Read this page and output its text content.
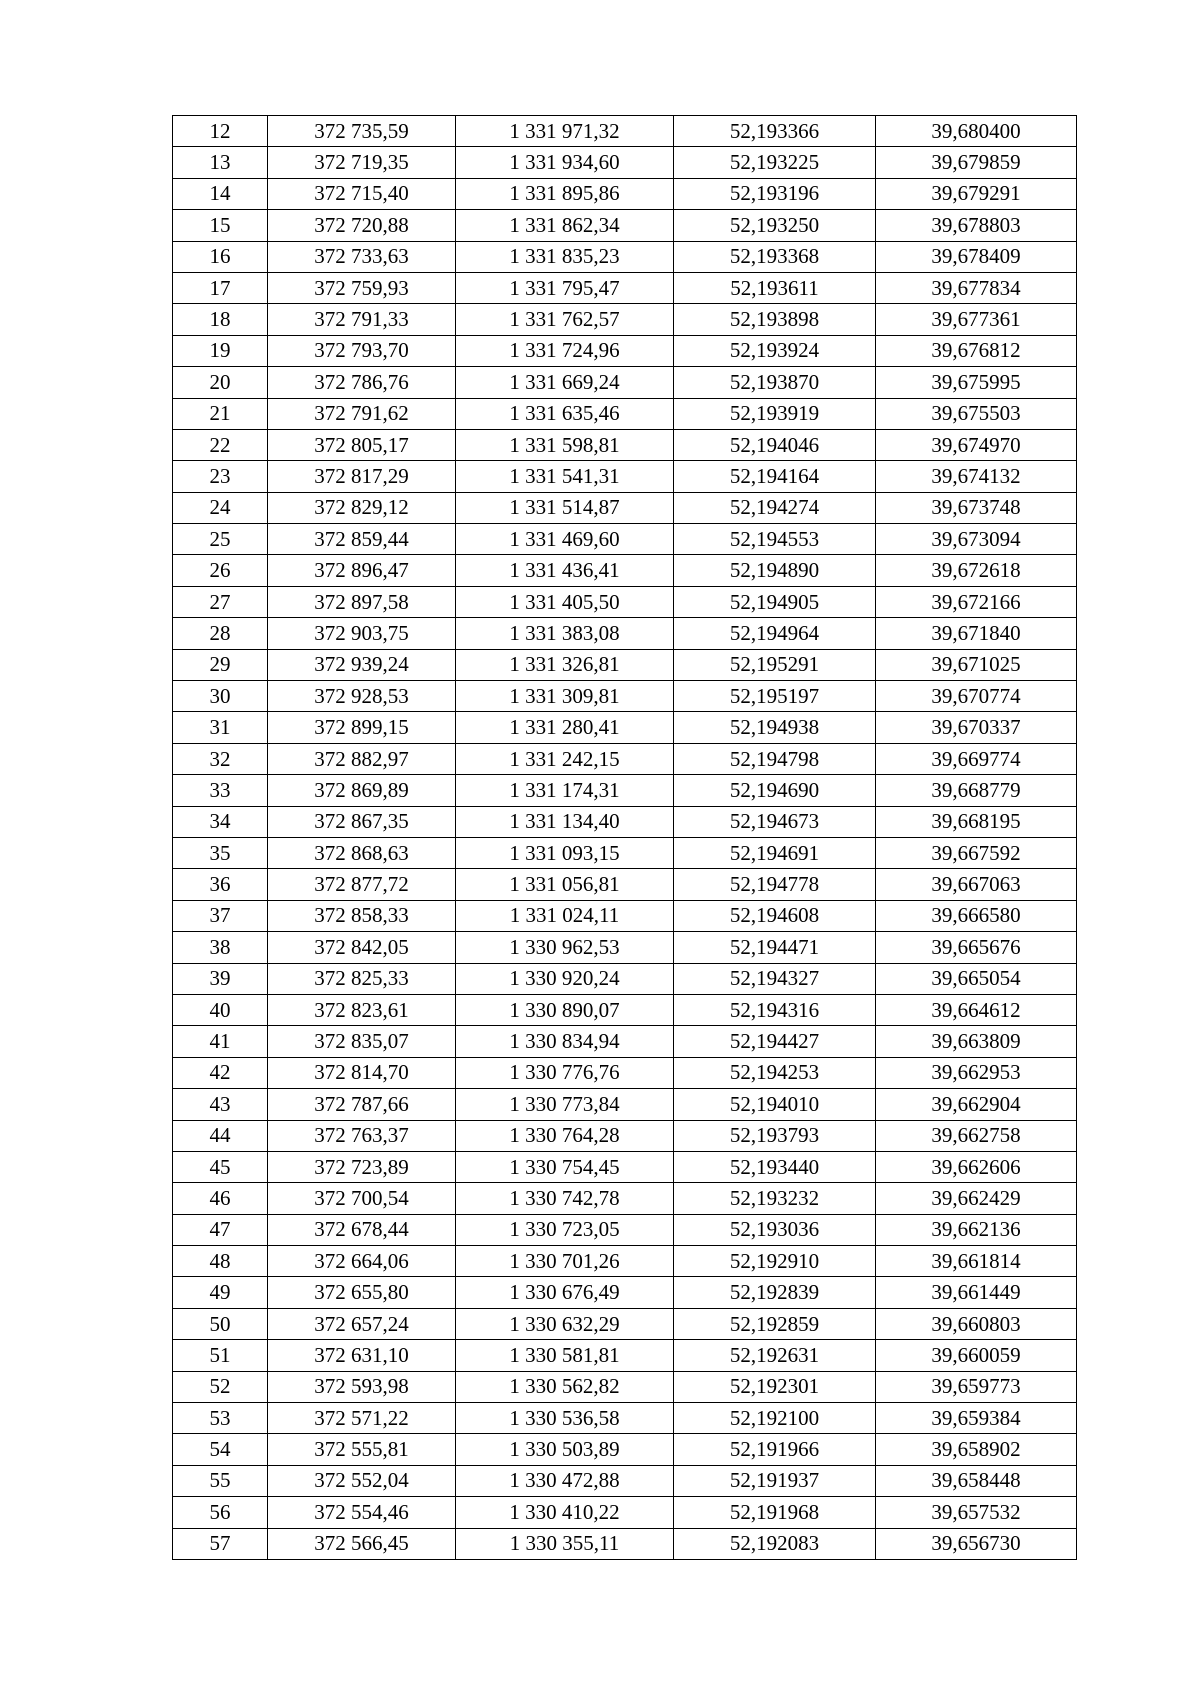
12	372 735,59	1 331 971,32	52,193366	39,680400
13	372 719,35	1 331 934,60	52,193225	39,679859
14	372 715,40	1 331 895,86	52,193196	39,679291
15	372 720,88	1 331 862,34	52,193250	39,678803
16	372 733,63	1 331 835,23	52,193368	39,678409
17	372 759,93	1 331 795,47	52,193611	39,677834
18	372 791,33	1 331 762,57	52,193898	39,677361
19	372 793,70	1 331 724,96	52,193924	39,676812
20	372 786,76	1 331 669,24	52,193870	39,675995
21	372 791,62	1 331 635,46	52,193919	39,675503
22	372 805,17	1 331 598,81	52,194046	39,674970
23	372 817,29	1 331 541,31	52,194164	39,674132
24	372 829,12	1 331 514,87	52,194274	39,673748
25	372 859,44	1 331 469,60	52,194553	39,673094
26	372 896,47	1 331 436,41	52,194890	39,672618
27	372 897,58	1 331 405,50	52,194905	39,672166
28	372 903,75	1 331 383,08	52,194964	39,671840
29	372 939,24	1 331 326,81	52,195291	39,671025
30	372 928,53	1 331 309,81	52,195197	39,670774
31	372 899,15	1 331 280,41	52,194938	39,670337
32	372 882,97	1 331 242,15	52,194798	39,669774
33	372 869,89	1 331 174,31	52,194690	39,668779
34	372 867,35	1 331 134,40	52,194673	39,668195
35	372 868,63	1 331 093,15	52,194691	39,667592
36	372 877,72	1 331 056,81	52,194778	39,667063
37	372 858,33	1 331 024,11	52,194608	39,666580
38	372 842,05	1 330 962,53	52,194471	39,665676
39	372 825,33	1 330 920,24	52,194327	39,665054
40	372 823,61	1 330 890,07	52,194316	39,664612
41	372 835,07	1 330 834,94	52,194427	39,663809
42	372 814,70	1 330 776,76	52,194253	39,662953
43	372 787,66	1 330 773,84	52,194010	39,662904
44	372 763,37	1 330 764,28	52,193793	39,662758
45	372 723,89	1 330 754,45	52,193440	39,662606
46	372 700,54	1 330 742,78	52,193232	39,662429
47	372 678,44	1 330 723,05	52,193036	39,662136
48	372 664,06	1 330 701,26	52,192910	39,661814
49	372 655,80	1 330 676,49	52,192839	39,661449
50	372 657,24	1 330 632,29	52,192859	39,660803
51	372 631,10	1 330 581,81	52,192631	39,660059
52	372 593,98	1 330 562,82	52,192301	39,659773
53	372 571,22	1 330 536,58	52,192100	39,659384
54	372 555,81	1 330 503,89	52,191966	39,658902
55	372 552,04	1 330 472,88	52,191937	39,658448
56	372 554,46	1 330 410,22	52,191968	39,657532
57	372 566,45	1 330 355,11	52,192083	39,656730
